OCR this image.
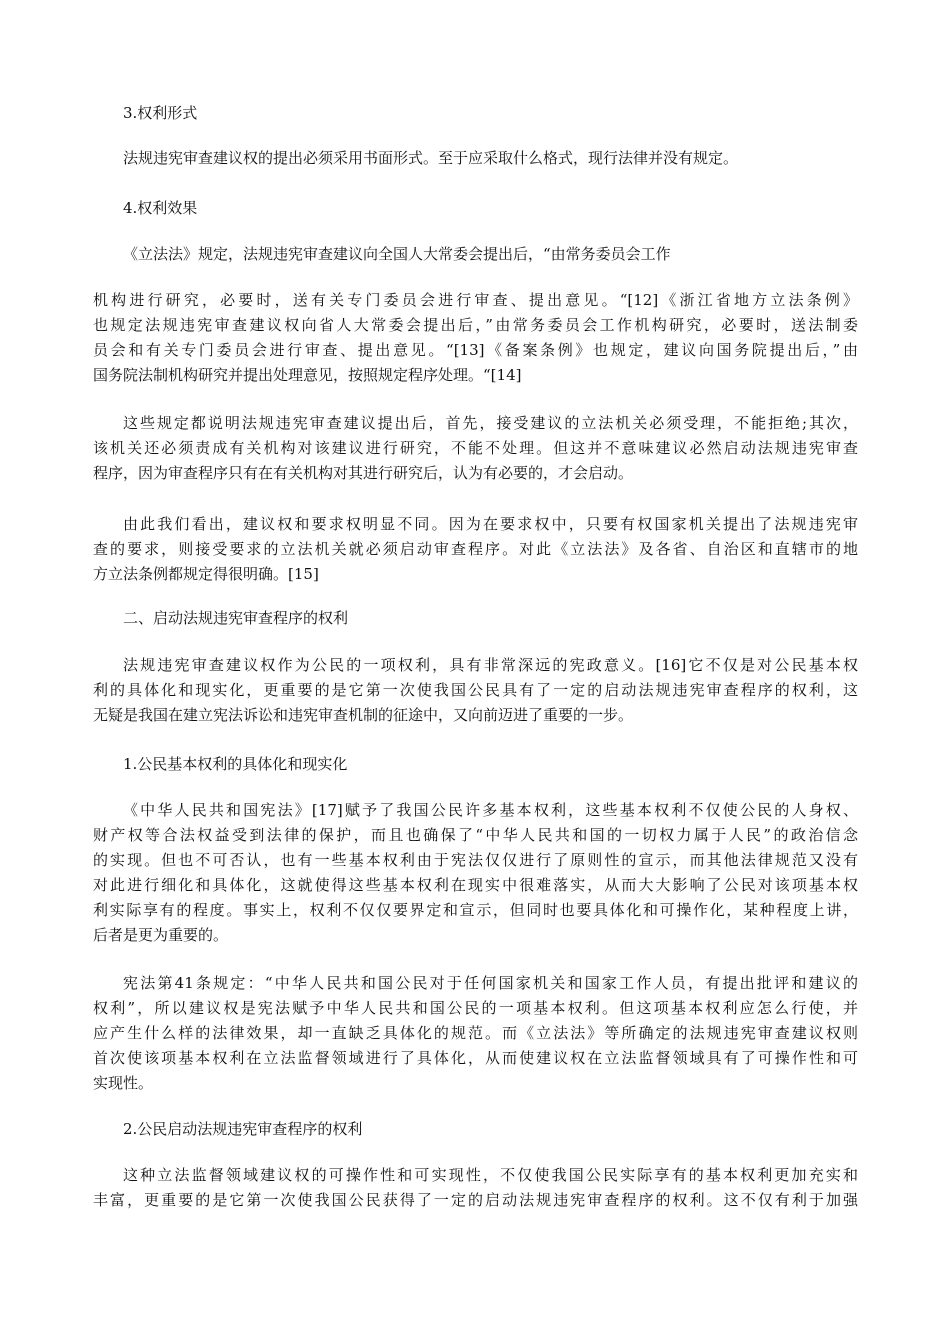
3.权利形式

法规违宪审查建议权的提出必须采用书面形式。至于应采取什么格式，现行法律并没有规定。

4.权利效果

《立法法》规定，法规违宪审查建议向全国人大常委会提出后，“由常务委员会工作

机构进行研究，必要时，送有关专门委员会进行审查、提出意见。“[12]《浙江省地方立法条例》
也规定法规违宪审查建议权向省人大常委会提出后，”由常务委员会工作机构研究，必要时，送法制委
员会和有关专门委员会进行审查、提出意见。“[13]《备案条例》也规定，建议向国务院提出后，”由
国务院法制机构研究并提出处理意见，按照规定程序处理。“[14]

这些规定都说明法规违宪审查建议提出后，首先，接受建议的立法机关必须受理，不能拒绝;其次，
该机关还必须责成有关机构对该建议进行研究，不能不处理。但这并不意味建议必然启动法规违宪审查
程序，因为审查程序只有在有关机构对其进行研究后，认为有必要的，才会启动。

由此我们看出，建议权和要求权明显不同。因为在要求权中，只要有权国家机关提出了法规违宪审
查的要求，则接受要求的立法机关就必须启动审查程序。对此《立法法》及各省、自治区和直辖市的地
方立法条例都规定得很明确。[15]

二、启动法规违宪审查程序的权利

法规违宪审查建议权作为公民的一项权利，具有非常深远的宪政意义。[16]它不仅是对公民基本权
利的具体化和现实化，更重要的是它第一次使我国公民具有了一定的启动法规违宪审查程序的权利，这
无疑是我国在建立宪法诉讼和违宪审查机制的征途中，又向前迈进了重要的一步。

1.公民基本权利的具体化和现实化

《中华人民共和国宪法》[17]赋予了我国公民许多基本权利，这些基本权利不仅使公民的人身权、
财产权等合法权益受到法律的保护，而且也确保了“中华人民共和国的一切权力属于人民”的政治信念
的实现。但也不可否认，也有一些基本权利由于宪法仅仅进行了原则性的宣示，而其他法律规范又没有
对此进行细化和具体化，这就使得这些基本权利在现实中很难落实，从而大大影响了公民对该项基本权
利实际享有的程度。事实上，权利不仅仅要界定和宣示，但同时也要具体化和可操作化，某种程度上讲，
后者是更为重要的。

宪法第41条规定：“中华人民共和国公民对于任何国家机关和国家工作人员，有提出批评和建议的
权利”，所以建议权是宪法赋予中华人民共和国公民的一项基本权利。但这项基本权利应怎么行使，并
应产生什么样的法律效果，却一直缺乏具体化的规范。而《立法法》等所确定的法规违宪审查建议权则
首次使该项基本权利在立法监督领域进行了具体化，从而使建议权在立法监督领域具有了可操作性和可
实现性。

2.公民启动法规违宪审查程序的权利

这种立法监督领域建议权的可操作性和可实现性，不仅使我国公民实际享有的基本权利更加充实和
丰富，更重要的是它第一次使我国公民获得了一定的启动法规违宪审查程序的权利。这不仅有利于加强
